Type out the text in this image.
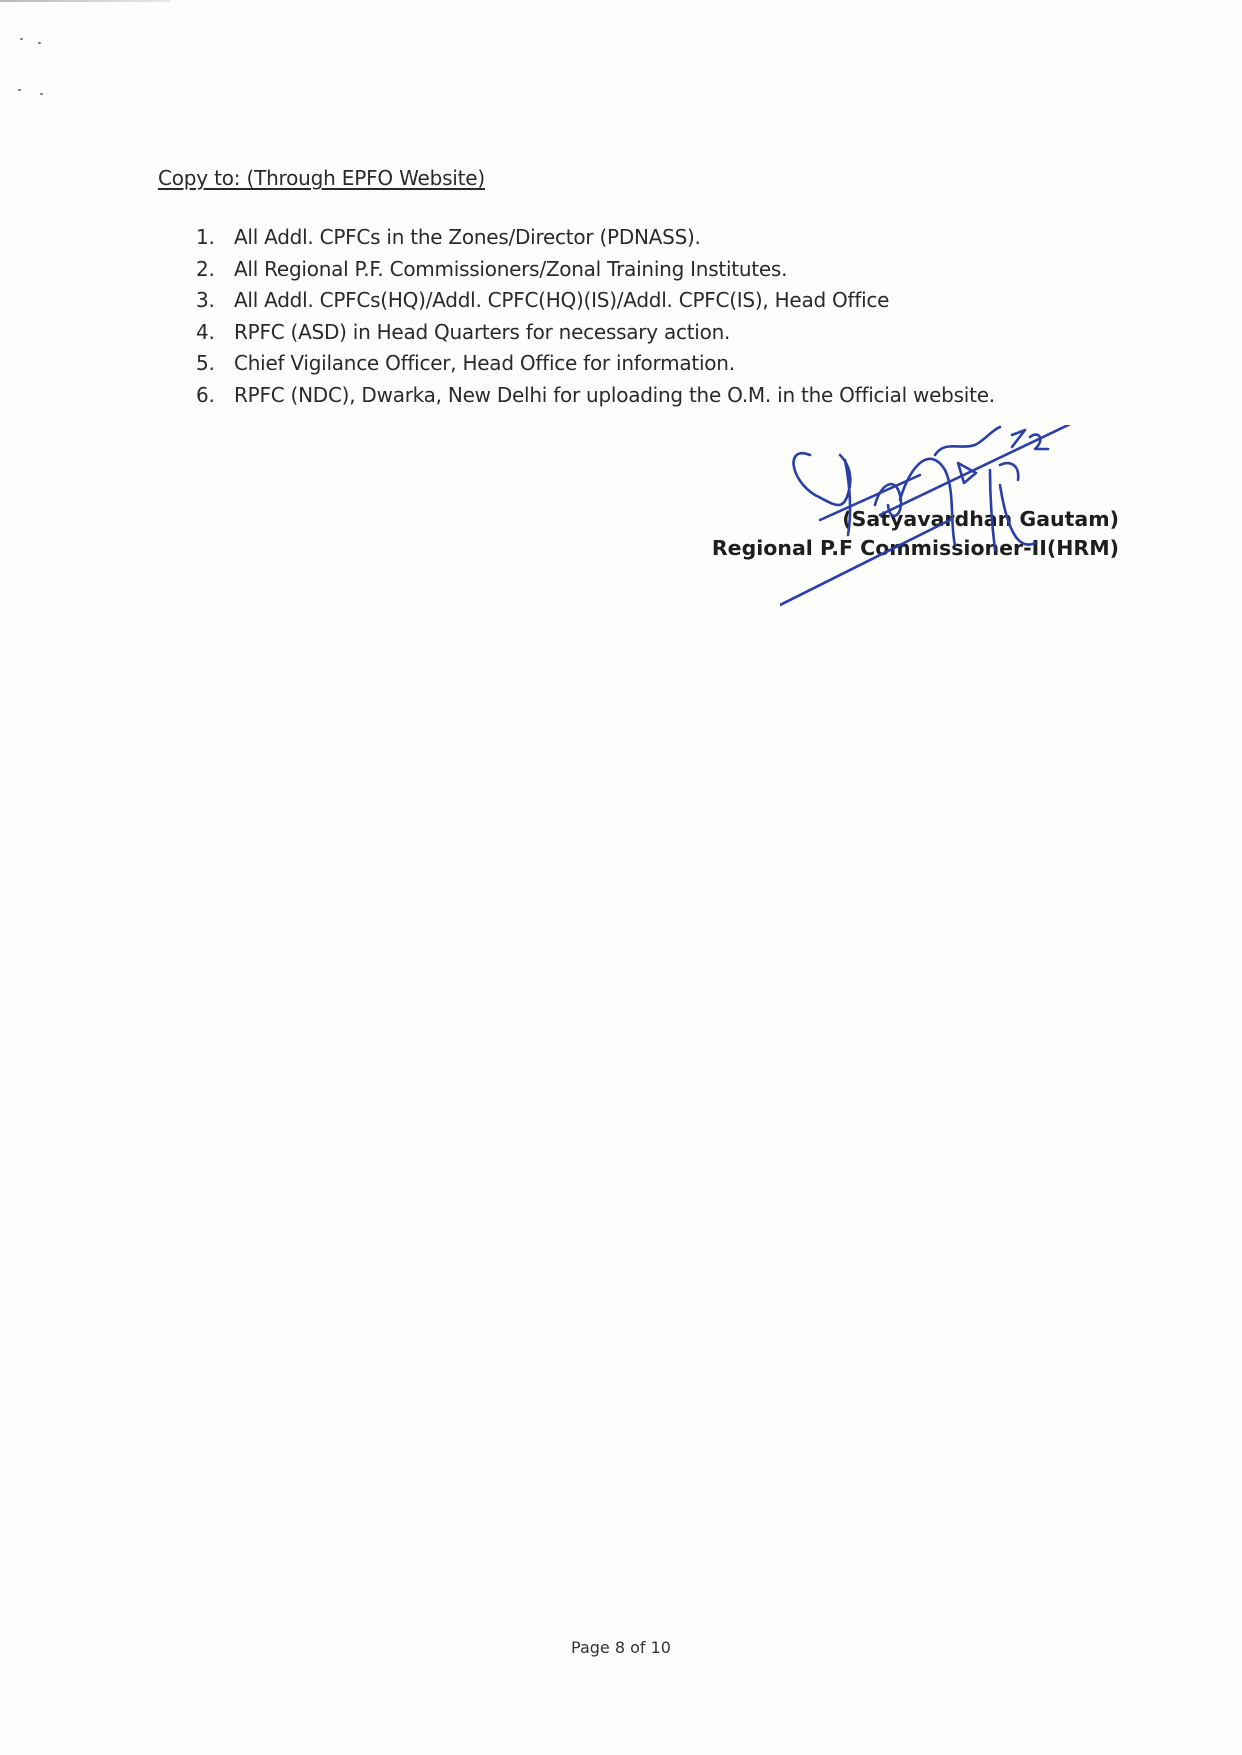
Copy to: (Through EPFO Website)
1. All Addl. CPFCs in the Zones/Director (PDNASS).
2. All Regional P.F. Commissioners/Zonal Training Institutes.
3. All Addl. CPFCs(HQ)/Addl. CPFC(HQ)(IS)/Addl. CPFC(IS), Head Office
4. RPFC (ASD) in Head Quarters for necessary action.
5. Chief Vigilance Officer, Head Office for information.
6. RPFC (NDC), Dwarka, New Delhi for uploading the O.M. in the Official website.
(Satyavardhan Gautam)
Regional P.F Commissioner-II(HRM)
Page 8 of 10
